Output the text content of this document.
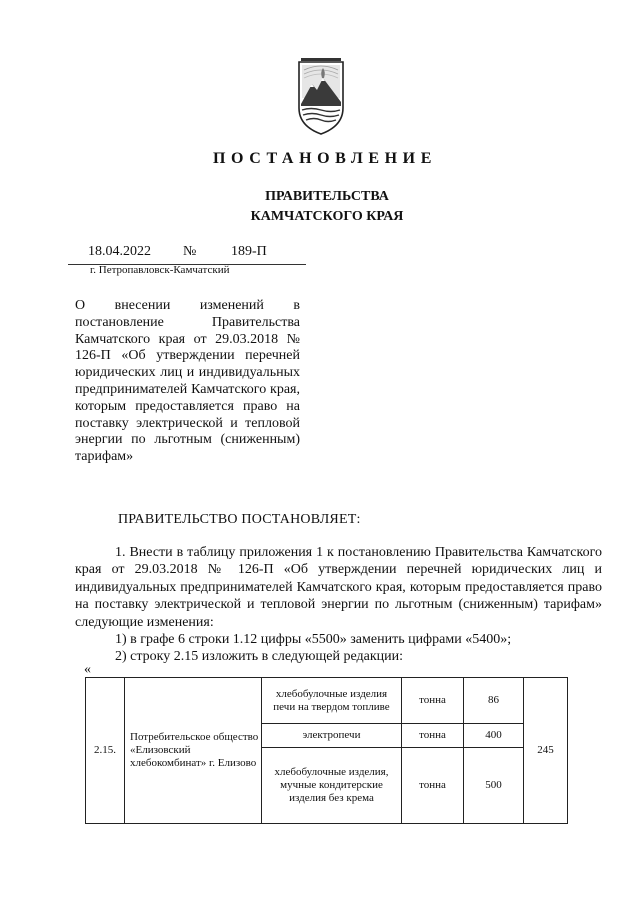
ПОСТАНОВЛЕНИЕ
ПРАВИТЕЛЬСТВА
КАМЧАТСКОГО КРАЯ
18.04.2022 № 189-П
г. Петропавловск-Камчатский
О внесении изменений в постановление Правительства Камчатского края от 29.03.2018 № 126-П «Об утверждении перечней юридических лиц и индивидуальных предпринимателей Камчатского края, которым предоставляется право на поставку электрической и тепловой энергии по льготным (сниженным) тарифам»
ПРАВИТЕЛЬСТВО ПОСТАНОВЛЯЕТ:

1. Внести в таблицу приложения 1 к постановлению Правительства Камчатского края от 29.03.2018 № 126-П «Об утверждении перечней юридических лиц и индивидуальных предпринимателей Камчатского края, которым предоставляется право на поставку электрической и тепловой энергии по льготным (сниженным) тарифам» следующие изменения:

1) в графе 6 строки 1.12 цифры «5500» заменить цифрами «5400»;

2) строку 2.15 изложить в следующей редакции:

«
2.15.	Потребительское общество «Елизовский хлебокомбинат» г. Елизово	хлебобулочные изделия печи на твердом топливе	тонна	86	245
		электропечи	тонна	400	
		хлебобулочные изделия, мучные кондитерские изделия без крема	тонна	500	
